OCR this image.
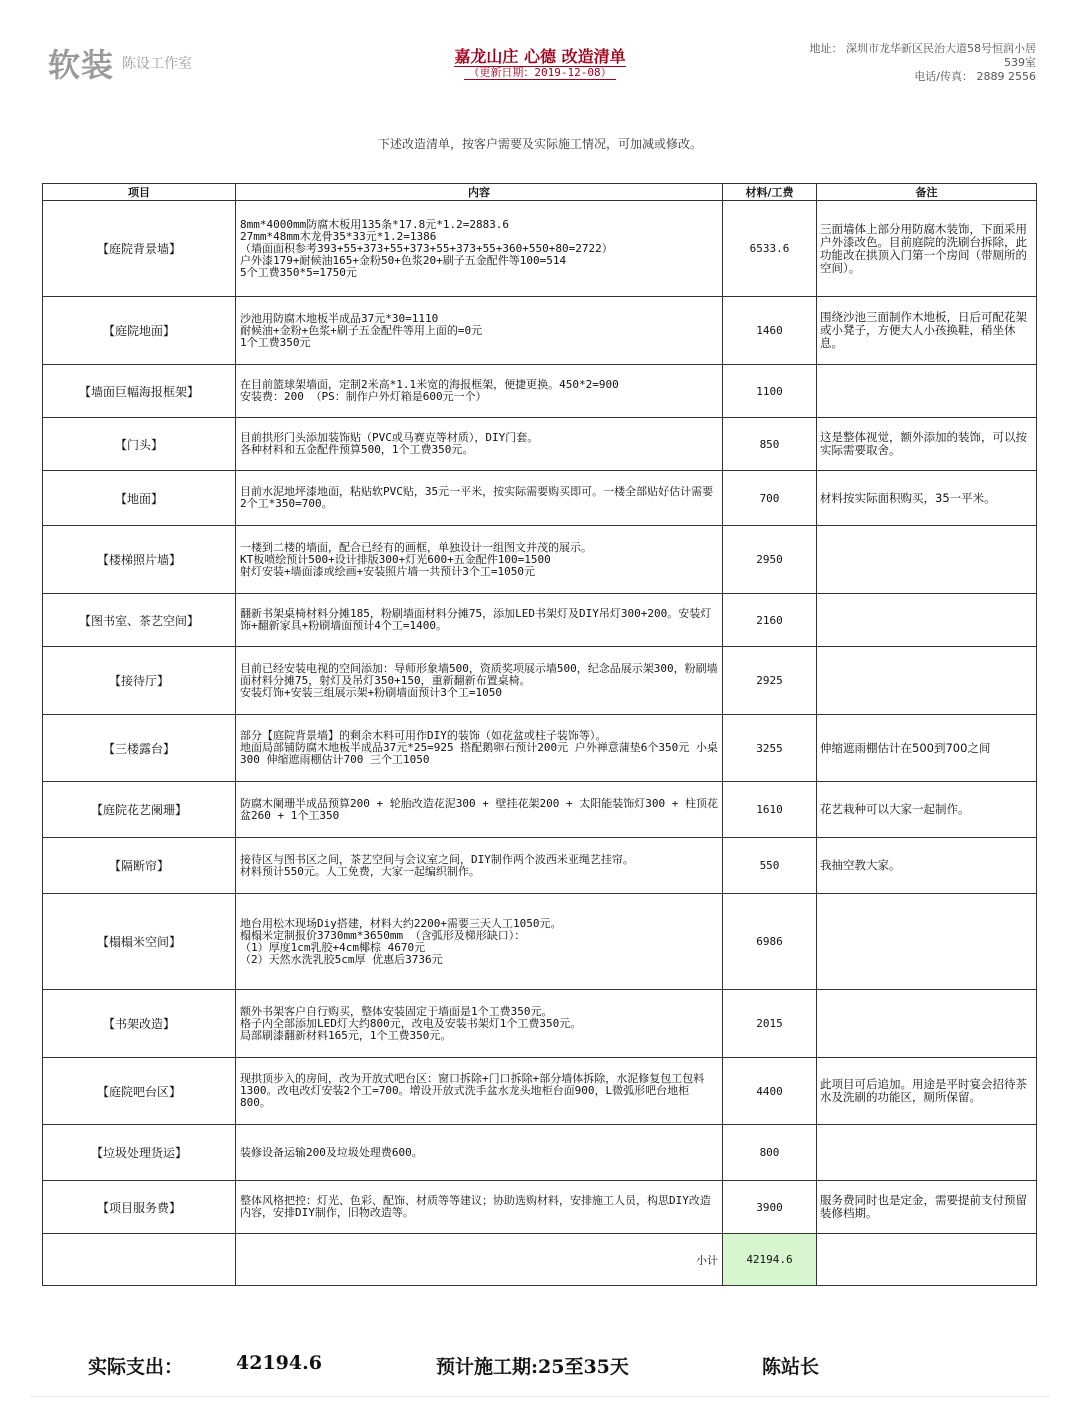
软装 陈设工作室	嘉龙山庄 心德 改造清单
（更新日期：2019-12-08）
地址： 深圳市龙华新区民治大道58号恒润小居
539室
电话/传真： 2889 2556
下述改造清单，按客户需要及实际施工情况，可加减或修改。
项目	内容	材料/工费	备注
【庭院背景墙】	8mm*4000mm防腐木板用135条*17.8元*1.2=2883.6
27mm*48mm木龙骨35*33元*1.2=1386
（墙面面积参考393+55+373+55+373+55+373+55+360+550+80=2722）
户外漆179+耐候油165+金粉50+色浆20+刷子五金配件等100=514
5个工费350*5=1750元	6533.6	三面墙体上部分用防腐木装饰，下面采用户外漆改色。目前庭院的洗刷台拆除，此功能改在拱顶入门第一个房间（带厕所的空间）。
【庭院地面】	沙池用防腐木地板半成品37元*30=1110
耐候油+金粉+色浆+刷子五金配件等用上面的=0元
1个工费350元	1460	围绕沙池三面制作木地板，日后可配花架或小凳子，方便大人小孩换鞋，稍坐休息。
【墙面巨幅海报框架】	在目前篮球架墙面，定制2米高*1.1米宽的海报框架，便捷更换。450*2=900
安装费：200 （PS：制作户外灯箱是600元一个）	1100	
【门头】	目前拱形门头添加装饰贴（PVC或马赛克等材质），DIY门套。
各种材料和五金配件预算500，1个工费350元。	850	这是整体视觉，额外添加的装饰，可以按实际需要取舍。
【地面】	目前水泥地坪漆地面，粘贴软PVC贴，35元一平米，按实际需要购买即可。一楼全部贴好估计需要2个工*350=700。	700	材料按实际面积购买，35一平米。
【楼梯照片墙】	一楼到二楼的墙面，配合已经有的画框，单独设计一组图文并茂的展示。
KT板喷绘预计500+设计排版300+灯光600+五金配件100=1500
射灯安装+墙面漆或绘画+安装照片墙一共预计3个工=1050元	2950	
【图书室、茶艺空间】	翻新书架桌椅材料分摊185，粉刷墙面材料分摊75，添加LED书架灯及DIY吊灯300+200。安装灯饰+翻新家具+粉刷墙面预计4个工=1400。	2160	
【接待厅】	目前已经安装电视的空间添加：导师形象墙500，资质奖项展示墙500，纪念品展示架300，粉刷墙面材料分摊75，射灯及吊灯350+150，重新翻新布置桌椅。
安装灯饰+安装三组展示架+粉刷墙面预计3个工=1050	2925	
【三楼露台】	部分【庭院背景墙】的剩余木料可用作DIY的装饰（如花盆或柱子装饰等）。
地面局部铺防腐木地板半成品37元*25=925 搭配鹅卵石预计200元 户外禅意蒲垫6个350元 小桌300 伸缩遮雨棚估计700 三个工1050	3255	伸缩遮雨棚估计在500到700之间
【庭院花艺阑珊】	防腐木阑珊半成品预算200 + 轮胎改造花泥300 + 壁挂花架200 + 太阳能装饰灯300 + 柱顶花盆260 + 1个工350	1610	花艺栽种可以大家一起制作。
【隔断帘】	接待区与图书区之间，茶艺空间与会议室之间，DIY制作两个波西米亚绳艺挂帘。
材料预计550元。人工免费，大家一起编织制作。	550	我抽空教大家。
【榻榻米空间】	地台用松木现场Diy搭建，材料大约2200+需要三天人工1050元。
榻榻米定制报价3730mm*3650mm （含弧形及梯形缺口）：
（1）厚度1cm乳胶+4cm椰棕 4670元
（2）天然水洗乳胶5cm厚 优惠后3736元	6986	
【书架改造】	额外书架客户自行购买，整体安装固定于墙面是1个工费350元。
格子内全部添加LED灯大约800元，改电及安装书架灯1个工费350元。
局部刷漆翻新材料165元，1个工费350元。	2015	
【庭院吧台区】	现拱顶步入的房间，改为开放式吧台区：窗口拆除+门口拆除+部分墙体拆除，水泥修复包工包料1300。改电改灯安装2个工=700。增设开放式洗手盆水龙头地柜台面900，L微弧形吧台地柜800。	4400	此项目可后追加。用途是平时宴会招待茶水及洗刷的功能区，厕所保留。
【垃圾处理货运】	装修设备运输200及垃圾处理费600。	800	
【项目服务费】	整体风格把控：灯光、色彩、配饰、材质等等建议；协助选购材料，安排施工人员，构思DIY改造内容，安排DIY制作，旧物改造等。	3900	服务费同时也是定金，需要提前支付预留装修档期。
	小计	42194.6	
实际支出：	42194.6	预计施工期:25至35天	陈站长
